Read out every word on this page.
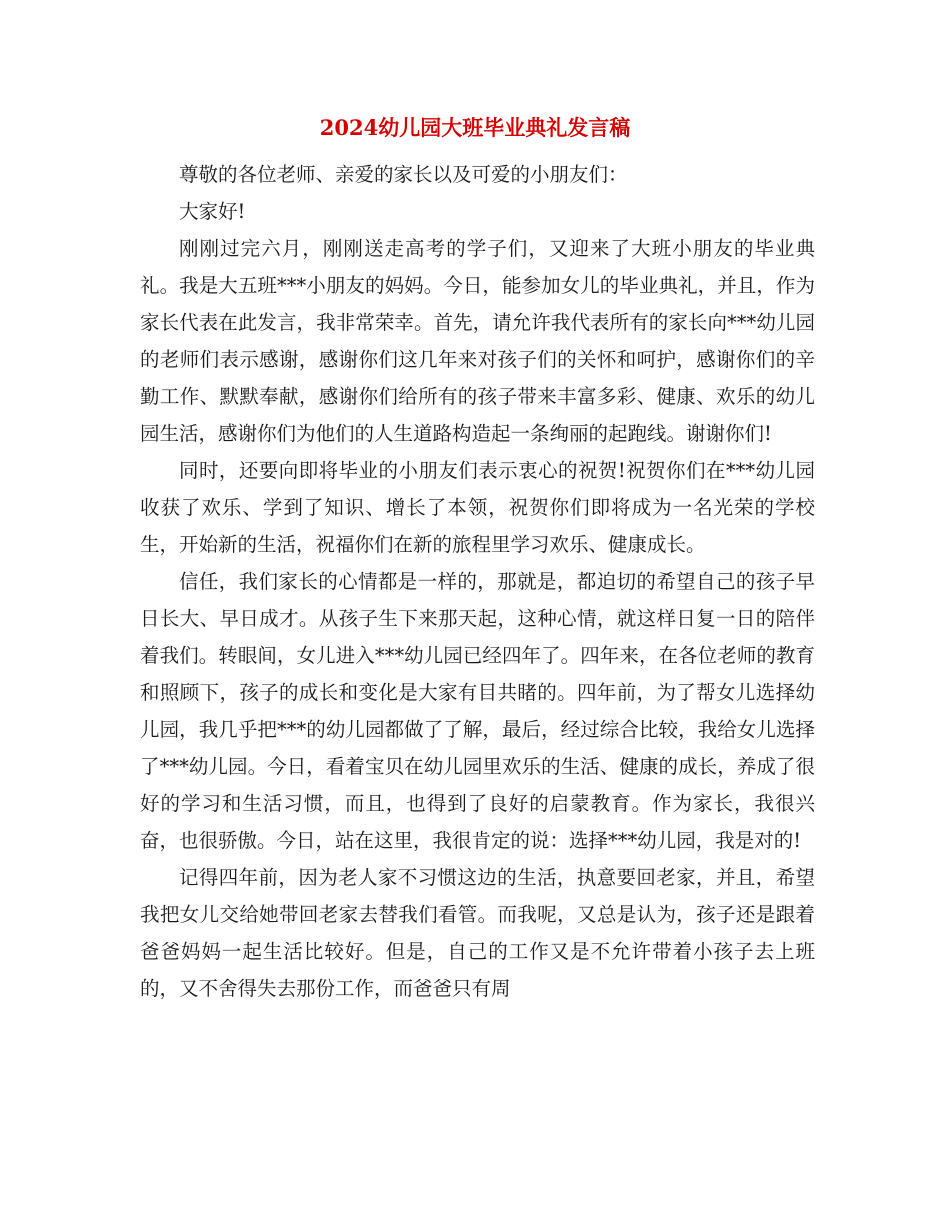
2024幼儿园大班毕业典礼发言稿

尊敬的各位老师、亲爱的家长以及可爱的小朋友们：

大家好!

刚刚过完六月，刚刚送走高考的学子们，又迎来了大班小朋友的毕业典礼。我是大五班***小朋友的妈妈。今日，能参加女儿的毕业典礼，并且，作为家长代表在此发言，我非常荣幸。首先，请允许我代表所有的家长向***幼儿园的老师们表示感谢，感谢你们这几年来对孩子们的关怀和呵护，感谢你们的辛勤工作、默默奉献，感谢你们给所有的孩子带来丰富多彩、健康、欢乐的幼儿园生活，感谢你们为他们的人生道路构造起一条绚丽的起跑线。谢谢你们!

同时，还要向即将毕业的小朋友们表示衷心的祝贺!祝贺你们在***幼儿园收获了欢乐、学到了知识、增长了本领，祝贺你们即将成为一名光荣的学校生，开始新的生活，祝福你们在新的旅程里学习欢乐、健康成长。

信任，我们家长的心情都是一样的，那就是，都迫切的希望自己的孩子早日长大、早日成才。从孩子生下来那天起，这种心情，就这样日复一日的陪伴着我们。转眼间，女儿进入***幼儿园已经四年了。四年来，在各位老师的教育和照顾下，孩子的成长和变化是大家有目共睹的。四年前，为了帮女儿选择幼儿园，我几乎把***的幼儿园都做了了解，最后，经过综合比较，我给女儿选择了***幼儿园。今日，看着宝贝在幼儿园里欢乐的生活、健康的成长，养成了很好的学习和生活习惯，而且，也得到了良好的启蒙教育。作为家长，我很兴奋，也很骄傲。今日，站在这里，我很肯定的说：选择***幼儿园，我是对的!

记得四年前，因为老人家不习惯这边的生活，执意要回老家，并且，希望我把女儿交给她带回老家去替我们看管。而我呢，又总是认为，孩子还是跟着爸爸妈妈一起生活比较好。但是，自己的工作又是不允许带着小孩子去上班的，又不舍得失去那份工作，而爸爸只有周
